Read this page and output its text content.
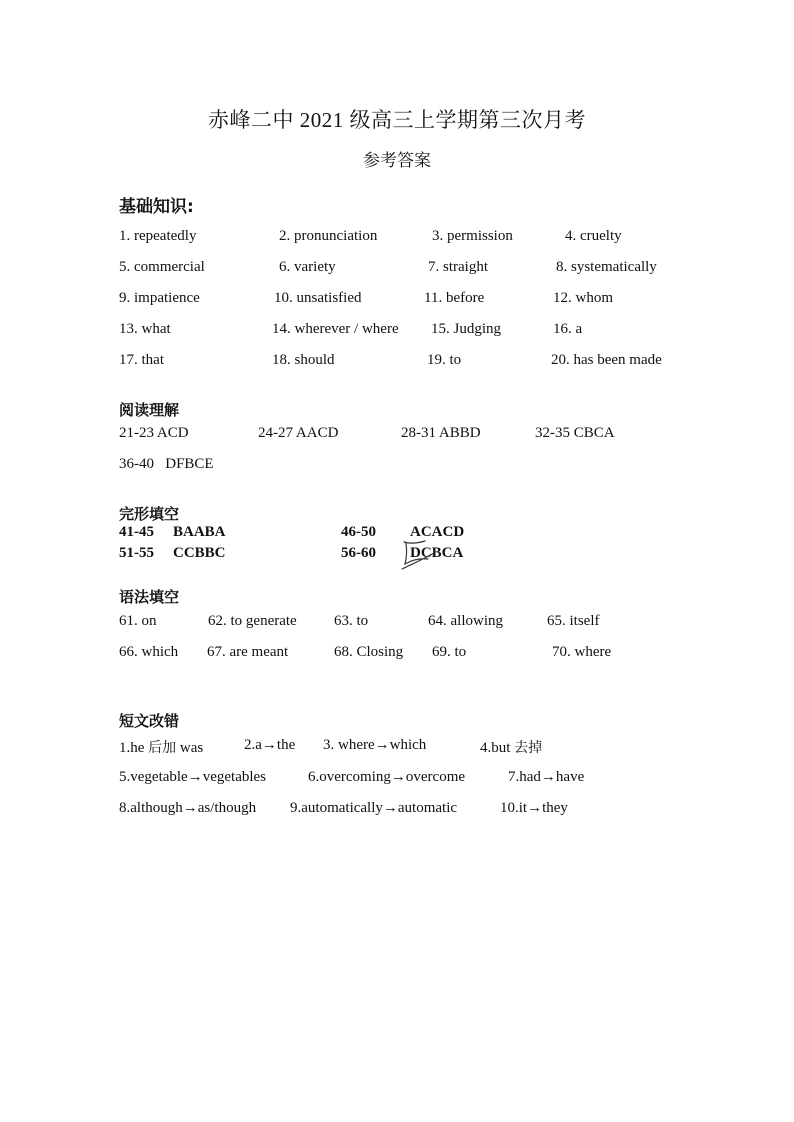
赤峰二中 2021 级高三上学期第三次月考
参考答案
基础知识:
1. repeatedly	2. pronunciation	3. permission	4. cruelty
5. commercial	6. variety	7. straight	8. systematically
9. impatience	10. unsatisfied	11. before	12. whom
13. what	14. wherever / where 15. Judging	16. a
17. that	18. should	19. to	20. has been made
阅读理解
21-23 ACD	24-27 AACD	28-31 ABBD	32-35 CBCA
36-40   DFBCE
完形填空
41-45 BAABA	46-50 ACACD
51-55 CCBBC	56-60 DCBCA
语法填空
61. on	62. to generate 63. to	64. allowing	65. itself
66. which 67. are meant	68. Closing 69. to	70. where
短文改错
1.he 后加 was	2.a→the 3. where→which	4.but 去掉
5.vegetable→vegetables	6.overcoming→overcome	7.had→have
8.although→as/though 9.automatically→automatic	10.it→they
